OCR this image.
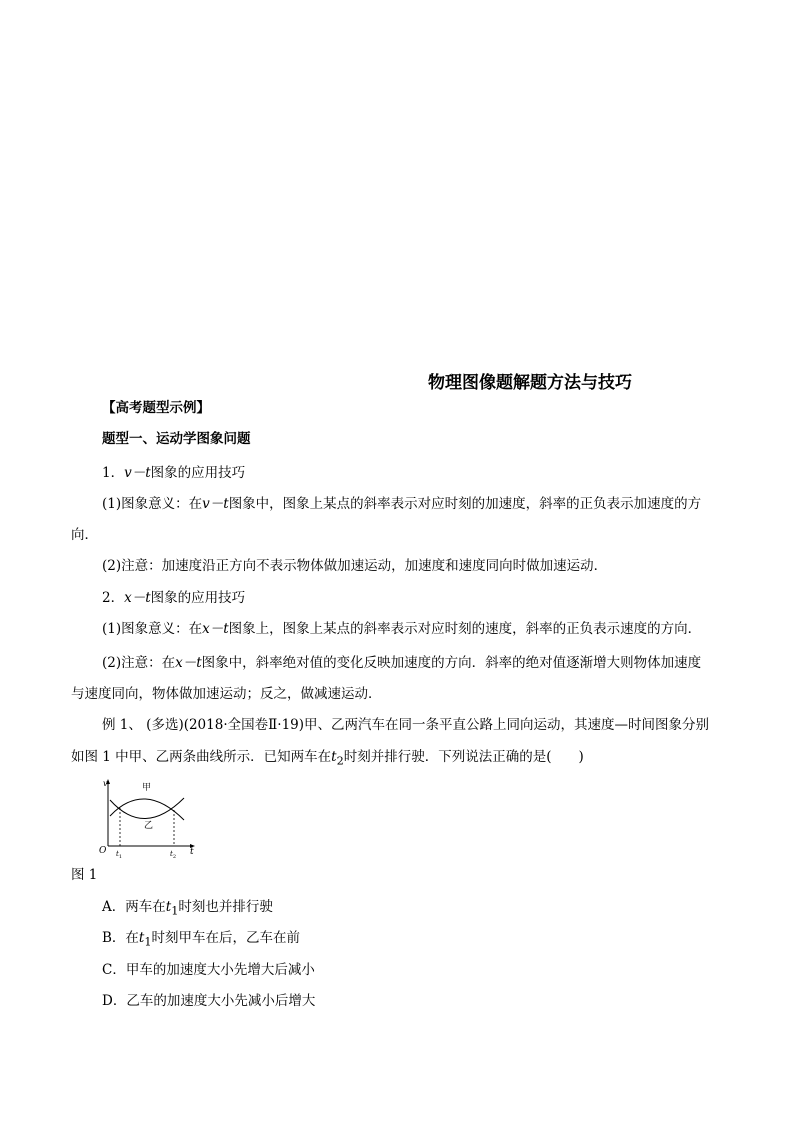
物理图像题解题方法与技巧
【高考题型示例】
题型一、运动学图象问题
1．v－t图象的应用技巧
(1)图象意义：在v－t图象中，图象上某点的斜率表示对应时刻的加速度，斜率的正负表示加速度的方
向．
(2)注意：加速度沿正方向不表示物体做加速运动，加速度和速度同向时做加速运动．
2．x－t图象的应用技巧
(1)图象意义：在x－t图象上，图象上某点的斜率表示对应时刻的速度，斜率的正负表示速度的方向．
(2)注意：在x－t图象中，斜率绝对值的变化反映加速度的方向．斜率的绝对值逐渐增大则物体加速度
与速度同向，物体做加速运动；反之，做减速运动．
例 1、 (多选)(2018·全国卷Ⅱ·19)甲、乙两汽车在同一条平直公路上同向运动，其速度—时间图象分别
如图 1 中甲、乙两条曲线所示．已知两车在$t_2$时刻并排行驶．下列说法正确的是(　　)
v
t
O
甲
乙
$t_1$	$t_2$
图 1
A．两车在$t_1$时刻也并排行驶
B．在$t_1$时刻甲车在后，乙车在前
C．甲车的加速度大小先增大后减小
D．乙车的加速度大小先减小后增大
